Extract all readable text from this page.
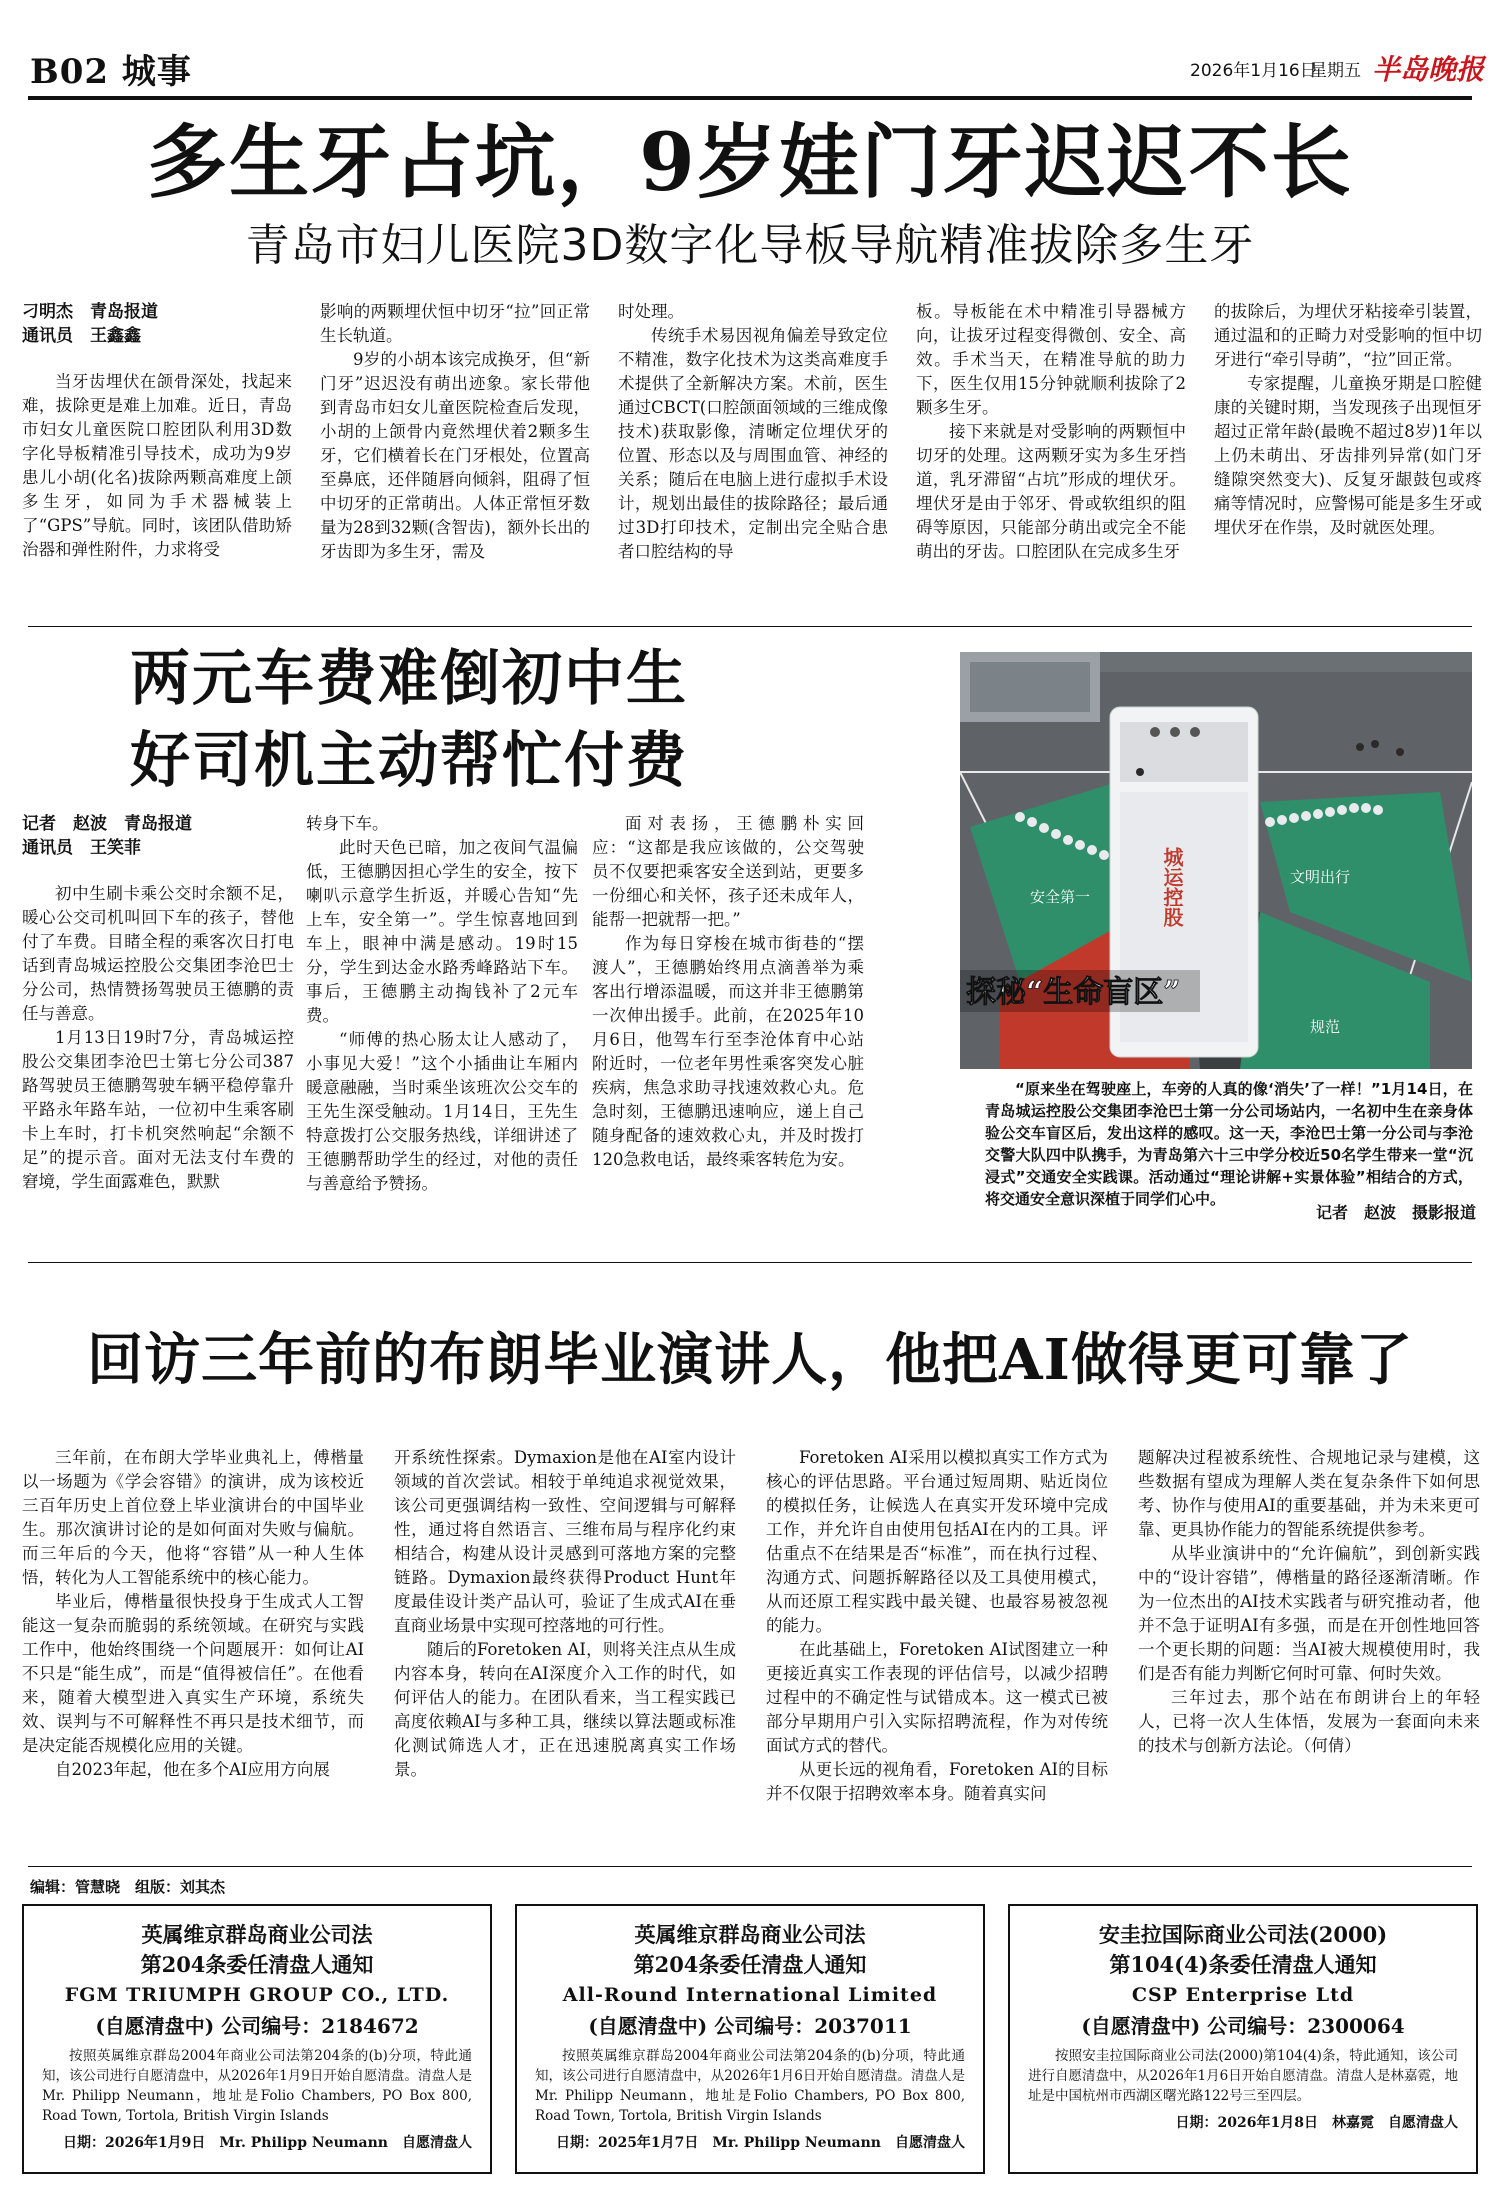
B02 城事	2026年1月16日
星期五 半岛晚报
多生牙占坑，9岁娃门牙迟迟不长
青岛市妇儿医院3D数字化导板导航精准拔除多生牙
刁明杰　青岛报道
通讯员　王鑫鑫

当牙齿埋伏在颌骨深处，找起来难，拔除更是难上加难。近日，青岛市妇女儿童医院口腔团队利用3D数字化导板精准引导技术，成功为9岁患儿小胡(化名)拔除两颗高难度上颌多生牙，如同为手术器械装上了“GPS”导航。同时，该团队借助矫治器和弹性附件，力求将受

影响的两颗埋伏恒中切牙“拉”回正常生长轨道。

9岁的小胡本该完成换牙，但“新门牙”迟迟没有萌出迹象。家长带他到青岛市妇女儿童医院检查后发现，小胡的上颌骨内竟然埋伏着2颗多生牙，它们横着长在门牙根处，位置高至鼻底，还伴随唇向倾斜，阻碍了恒中切牙的正常萌出。人体正常恒牙数量为28到32颗(含智齿)，额外长出的牙齿即为多生牙，需及

时处理。

传统手术易因视角偏差导致定位不精准，数字化技术为这类高难度手术提供了全新解决方案。术前，医生通过CBCT(口腔颌面领域的三维成像技术)获取影像，清晰定位埋伏牙的位置、形态以及与周围血管、神经的关系；随后在电脑上进行虚拟手术设计，规划出最佳的拔除路径；最后通过3D打印技术，定制出完全贴合患者口腔结构的导

板。导板能在术中精准引导器械方向，让拔牙过程变得微创、安全、高效。手术当天，在精准导航的助力下，医生仅用15分钟就顺利拔除了2颗多生牙。

接下来就是对受影响的两颗恒中切牙的处理。这两颗牙实为多生牙挡道，乳牙滞留“占坑”形成的埋伏牙。埋伏牙是由于邻牙、骨或软组织的阻碍等原因，只能部分萌出或完全不能萌出的牙齿。口腔团队在完成多生牙

的拔除后，为埋伏牙粘接牵引装置，通过温和的正畸力对受影响的恒中切牙进行“牵引导萌”，“拉”回正常。

专家提醒，儿童换牙期是口腔健康的关键时期，当发现孩子出现恒牙超过正常年龄(最晚不超过8岁)1年以上仍未萌出、牙齿排列异常(如门牙缝隙突然变大)、反复牙龈鼓包或疼痛等情况时，应警惕可能是多生牙或埋伏牙在作祟，及时就医处理。

两元车费难倒初中生
好司机主动帮忙付费
记者　赵波　青岛报道
通讯员　王笑菲

初中生刷卡乘公交时余额不足，暖心公交司机叫回下车的孩子，替他付了车费。目睹全程的乘客次日打电话到青岛城运控股公交集团李沧巴士分公司，热情赞扬驾驶员王德鹏的责任与善意。

1月13日19时7分，青岛城运控股公交集团李沧巴士第七分公司387路驾驶员王德鹏驾驶车辆平稳停靠升平路永年路车站，一位初中生乘客刷卡上车时，打卡机突然响起“余额不足”的提示音。面对无法支付车费的窘境，学生面露难色，默默

转身下车。

此时天色已暗，加之夜间气温偏低，王德鹏因担心学生的安全，按下喇叭示意学生折返，并暖心告知“先上车，安全第一”。学生惊喜地回到车上，眼神中满是感动。19时15分，学生到达金水路秀峰路站下车。事后，王德鹏主动掏钱补了2元车费。

“师傅的热心肠太让人感动了，小事见大爱！”这个小插曲让车厢内暖意融融，当时乘坐该班次公交车的王先生深受触动。1月14日，王先生特意拨打公交服务热线，详细讲述了王德鹏帮助学生的经过，对他的责任与善意给予赞扬。

面对表扬，王德鹏朴实回应：“这都是我应该做的，公交驾驶员不仅要把乘客安全送到站，更要多一份细心和关怀，孩子还未成年人，能帮一把就帮一把。”

作为每日穿梭在城市街巷的“摆渡人”，王德鹏始终用点滴善举为乘客出行增添温暖，而这并非王德鹏第一次伸出援手。此前，在2025年10月6日，他驾车行至李沧体育中心站附近时，一位老年男性乘客突发心脏疾病，焦急求助寻找速效救心丸。危急时刻，王德鹏迅速响应，递上自己随身配备的速效救心丸，并及时拨打120急救电话，最终乘客转危为安。

城运控股
安全第一
文明出行
规范
探秘“生命盲区”

“原来坐在驾驶座上，车旁的人真的像‘消失’了一样！”1月14日，在青岛城运控股公交集团李沧巴士第一分公司场站内，一名初中生在亲身体验公交车盲区后，发出这样的感叹。这一天，李沧巴士第一分公司与李沧交警大队四中队携手，为青岛第六十三中学分校近50名学生带来一堂“沉浸式”交通安全实践课。活动通过“理论讲解+实景体验”相结合的方式，将交通安全意识深植于同学们心中。

记者　赵波　摄影报道
回访三年前的布朗毕业演讲人，他把AI做得更可靠了

三年前，在布朗大学毕业典礼上，傅楷量以一场题为《学会容错》的演讲，成为该校近三百年历史上首位登上毕业演讲台的中国毕业生。那次演讲讨论的是如何面对失败与偏航。而三年后的今天，他将“容错”从一种人生体悟，转化为人工智能系统中的核心能力。

毕业后，傅楷量很快投身于生成式人工智能这一复杂而脆弱的系统领域。在研究与实践工作中，他始终围绕一个问题展开：如何让AI不只是“能生成”，而是“值得被信任”。在他看来，随着大模型进入真实生产环境，系统失效、误判与不可解释性不再只是技术细节，而是决定能否规模化应用的关键。

自2023年起，他在多个AI应用方向展

开系统性探索。Dymaxion是他在AI室内设计领域的首次尝试。相较于单纯追求视觉效果，该公司更强调结构一致性、空间逻辑与可解释性，通过将自然语言、三维布局与程序化约束相结合，构建从设计灵感到可落地方案的完整链路。Dymaxion最终获得Product Hunt年度最佳设计类产品认可，验证了生成式AI在垂直商业场景中实现可控落地的可行性。

随后的Foretoken AI，则将关注点从生成内容本身，转向在AI深度介入工作的时代，如何评估人的能力。在团队看来，当工程实践已高度依赖AI与多种工具，继续以算法题或标准化测试筛选人才，正在迅速脱离真实工作场景。

Foretoken AI采用以模拟真实工作方式为核心的评估思路。平台通过短周期、贴近岗位的模拟任务，让候选人在真实开发环境中完成工作，并允许自由使用包括AI在内的工具。评估重点不在结果是否“标准”，而在执行过程、沟通方式、问题拆解路径以及工具使用模式，从而还原工程实践中最关键、也最容易被忽视的能力。

在此基础上，Foretoken AI试图建立一种更接近真实工作表现的评估信号，以减少招聘过程中的不确定性与试错成本。这一模式已被部分早期用户引入实际招聘流程，作为对传统面试方式的替代。

从更长远的视角看，Foretoken AI的目标并不仅限于招聘效率本身。随着真实问

题解决过程被系统性、合规地记录与建模，这些数据有望成为理解人类在复杂条件下如何思考、协作与使用AI的重要基础，并为未来更可靠、更具协作能力的智能系统提供参考。

从毕业演讲中的“允许偏航”，到创新实践中的“设计容错”，傅楷量的路径逐渐清晰。作为一位杰出的AI技术实践者与研究推动者，他并不急于证明AI有多强，而是在开创性地回答一个更长期的问题：当AI被大规模使用时，我们是否有能力判断它何时可靠、何时失效。

三年过去，那个站在布朗讲台上的年轻人，已将一次人生体悟，发展为一套面向未来的技术与创新方法论。（何倩）

编辑：管慧晓　组版：刘其杰
英属维京群岛商业公司法
第204条委任清盘人通知
FGM TRIUMPH GROUP CO., LTD.
(自愿清盘中) 公司编号：2184672

按照英属维京群岛2004年商业公司法第204条的(b)分项，特此通知，该公司进行自愿清盘中，从2026年1月9日开始自愿清盘。清盘人是Mr. Philipp Neumann，地址是Folio Chambers, PO Box 800, Road Town, Tortola, British Virgin Islands

日期：2026年1月9日　Mr. Philipp Neumann　自愿清盘人
英属维京群岛商业公司法
第204条委任清盘人通知
All-Round International Limited
(自愿清盘中) 公司编号：2037011

按照英属维京群岛2004年商业公司法第204条的(b)分项，特此通知，该公司进行自愿清盘中，从2026年1月6日开始自愿清盘。清盘人是Mr. Philipp Neumann，地址是Folio Chambers, PO Box 800, Road Town, Tortola, British Virgin Islands

日期：2025年1月7日　Mr. Philipp Neumann　自愿清盘人
安圭拉国际商业公司法(2000)
第104(4)条委任清盘人通知
CSP Enterprise Ltd
(自愿清盘中) 公司编号：2300064

按照安圭拉国际商业公司法(2000)第104(4)条，特此通知，该公司进行自愿清盘中，从2026年1月6日开始自愿清盘。清盘人是林嘉霓，地址是中国杭州市西湖区曙光路122号三至四层。

日期：2026年1月8日　林嘉霓　自愿清盘人
